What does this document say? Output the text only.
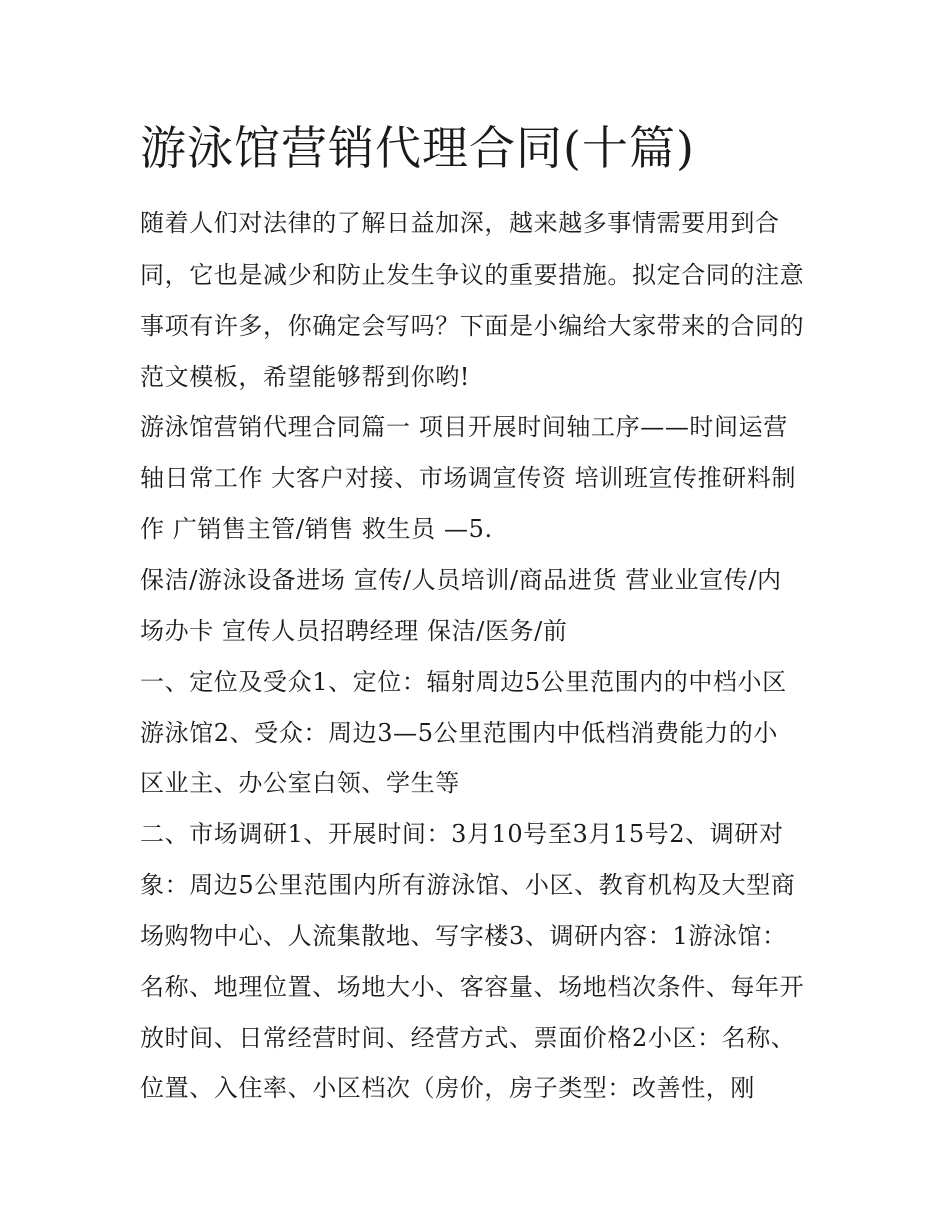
游泳馆营销代理合同(十篇)

随着人们对法律的了解日益加深，越来越多事情需要用到合

同，它也是减少和防止发生争议的重要措施。拟定合同的注意

事项有许多，你确定会写吗？下面是小编给大家带来的合同的

范文模板，希望能够帮到你哟!

游泳馆营销代理合同篇一 项目开展时间轴工序——时间运营

轴日常工作 大客户对接、市场调宣传资 培训班宣传推研料制

作 广销售主管/销售 救生员 —5.

保洁/游泳设备进场 宣传/人员培训/商品进货 营业业宣传/内

场办卡 宣传人员招聘经理 保洁/医务/前

一、定位及受众1、定位：辐射周边5公里范围内的中档小区

游泳馆2、受众：周边3—5公里范围内中低档消费能力的小

区业主、办公室白领、学生等

二、市场调研1、开展时间：3月10号至3月15号2、调研对

象：周边5公里范围内所有游泳馆、小区、教育机构及大型商

场购物中心、人流集散地、写字楼3、调研内容：1游泳馆：

名称、地理位置、场地大小、客容量、场地档次条件、每年开

放时间、日常经营时间、经营方式、票面价格2小区：名称、

位置、入住率、小区档次（房价，房子类型：改善性，刚
